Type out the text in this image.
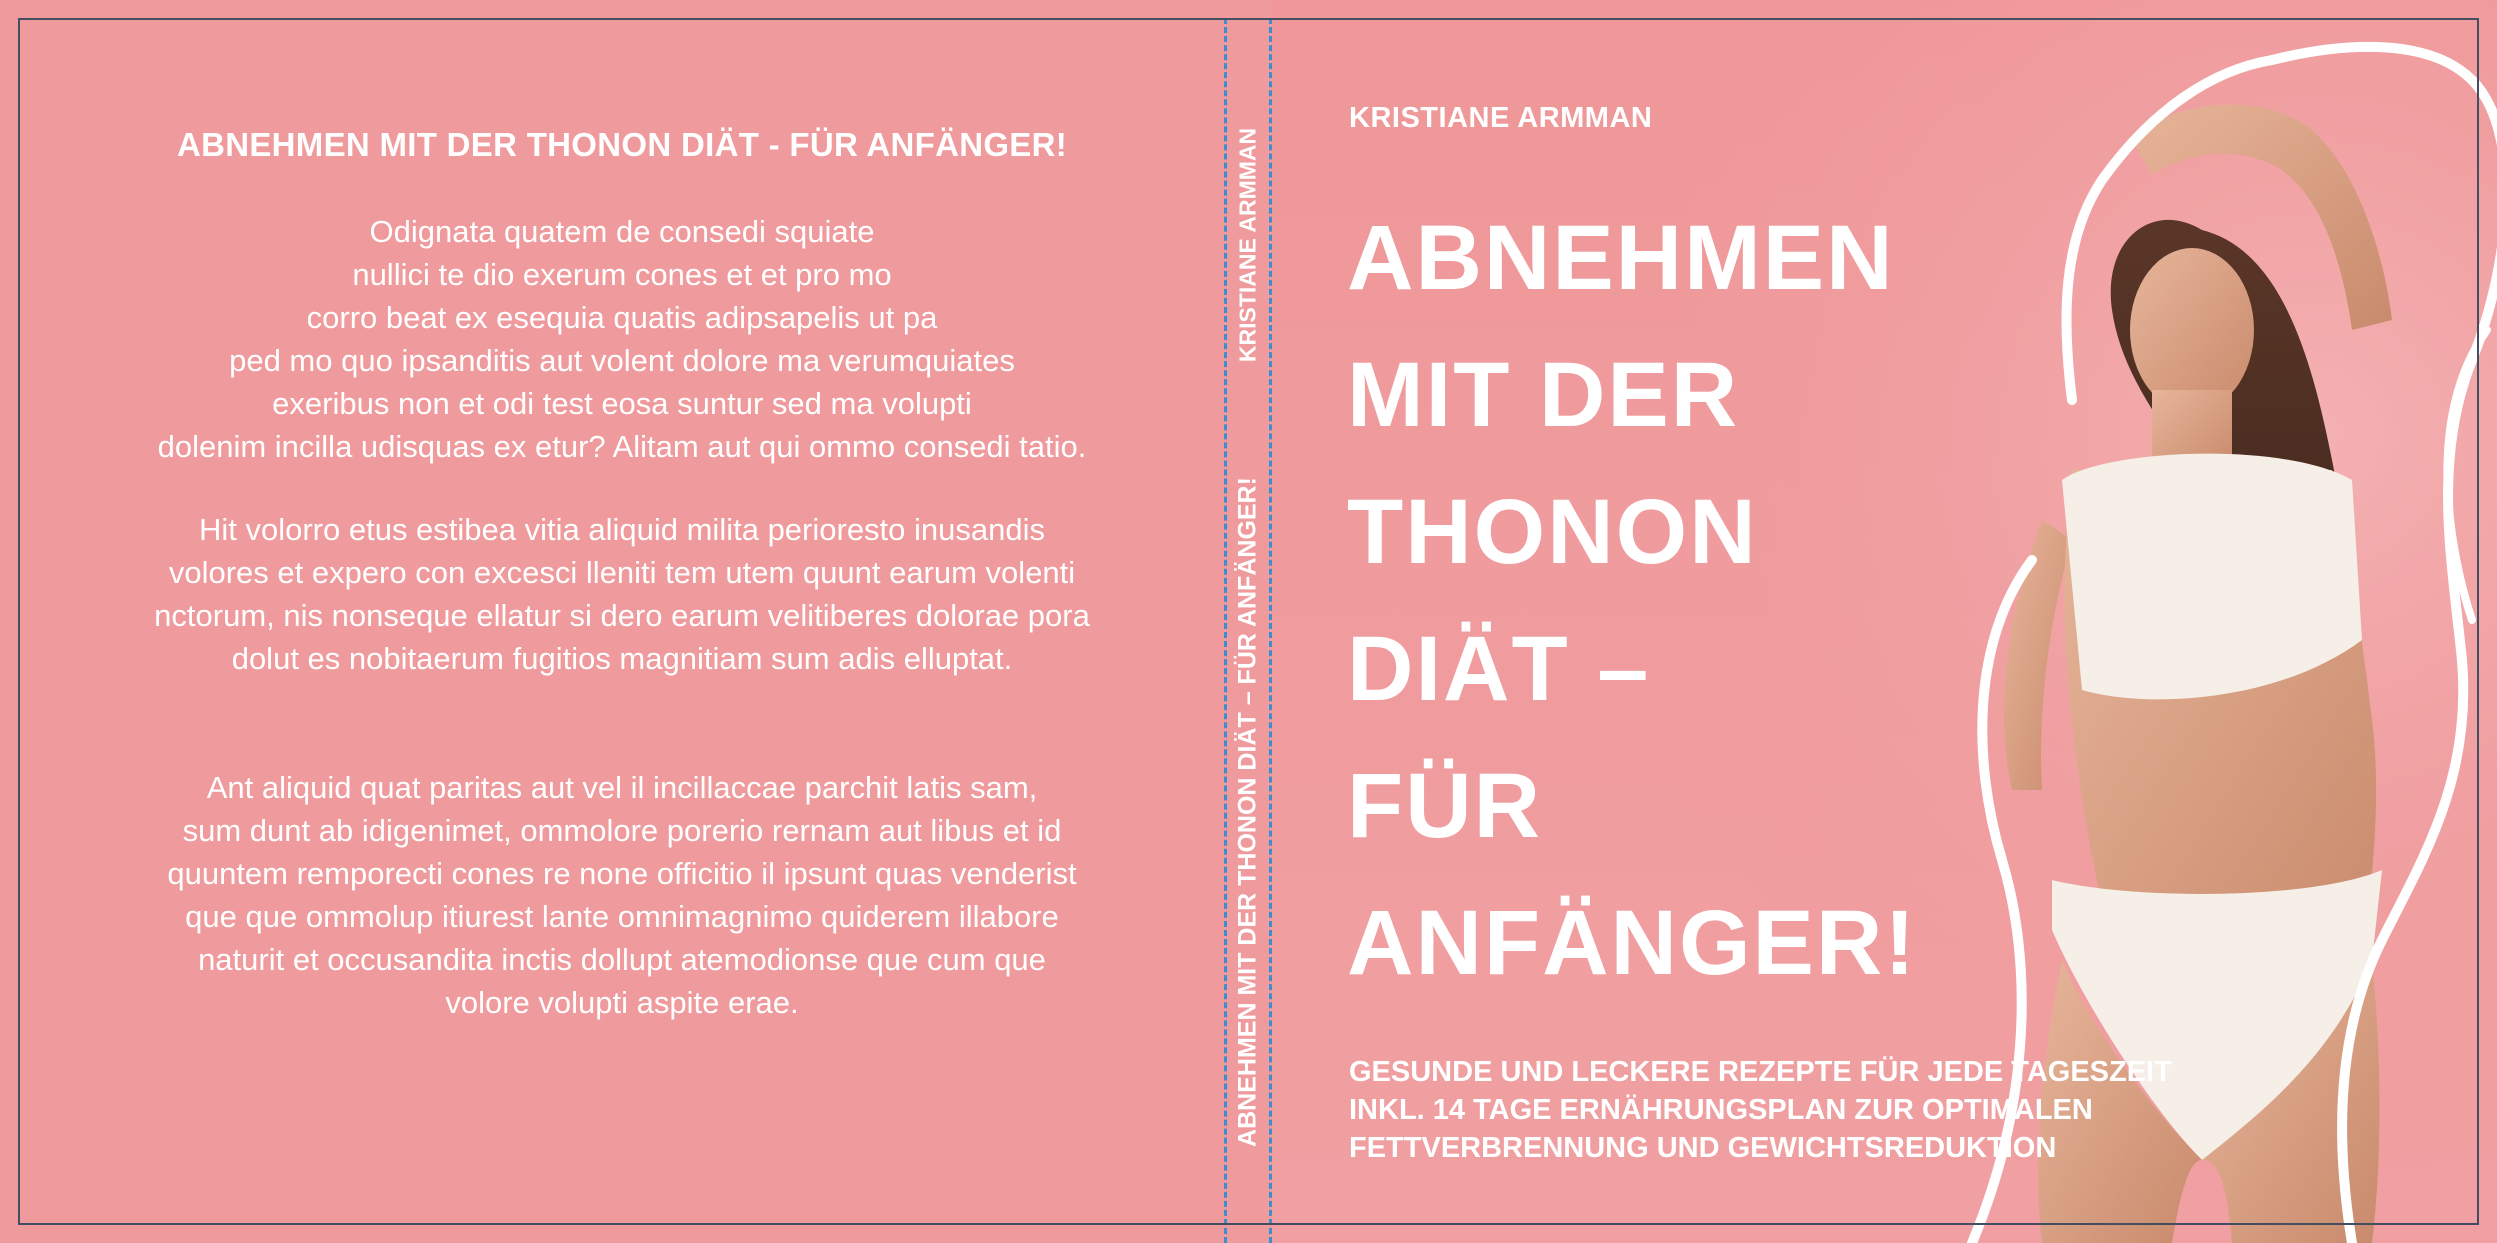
ABNEHMEN MIT DER THONON DIÄT - FÜR ANFÄNGER!
Odignata quatem de consedi squiate
nullici te dio exerum cones et et pro mo
corro beat ex esequia quatis adipsapelis ut pa
ped mo quo ipsanditis aut volent dolore ma verumquiates
exeribus non et odi test eosa suntur sed ma volupti
dolenim incilla udisquas ex etur? Alitam aut qui ommo consedi tatio.
Hit volorro etus estibea vitia aliquid milita perioresto inusandis
volores et expero con excesci lleniti tem utem quunt earum volenti
nctorum, nis nonseque ellatur si dero earum velitiberes dolorae pora
dolut es nobitaerum fugitios magnitiam sum adis elluptat.
Ant aliquid quat paritas aut vel il incillaccae parchit latis sam,
sum dunt ab idigenimet, ommolore porerio rernam aut libus et id
quuntem remporecti cones re none officitio il ipsunt quas venderist
que que ommolup itiurest lante omnimagnimo quiderem illabore
naturit et occusandita inctis dollupt atemodionse que cum que
volore volupti aspite erae.
KRISTIANE ARMMAN
ABNEHMEN MIT DER THONON DIÄT – FÜR ANFÄNGER!
KRISTIANE ARMMAN
ABNEHMEN
MIT DER
THONON
DIÄT –
FÜR
ANFÄNGER!
GESUNDE UND LECKERE REZEPTE FÜR JEDE TAGESZEIT
INKL. 14 TAGE ERNÄHRUNGSPLAN ZUR OPTIMALEN
FETTVERBRENNUNG UND GEWICHTSREDUKTION
